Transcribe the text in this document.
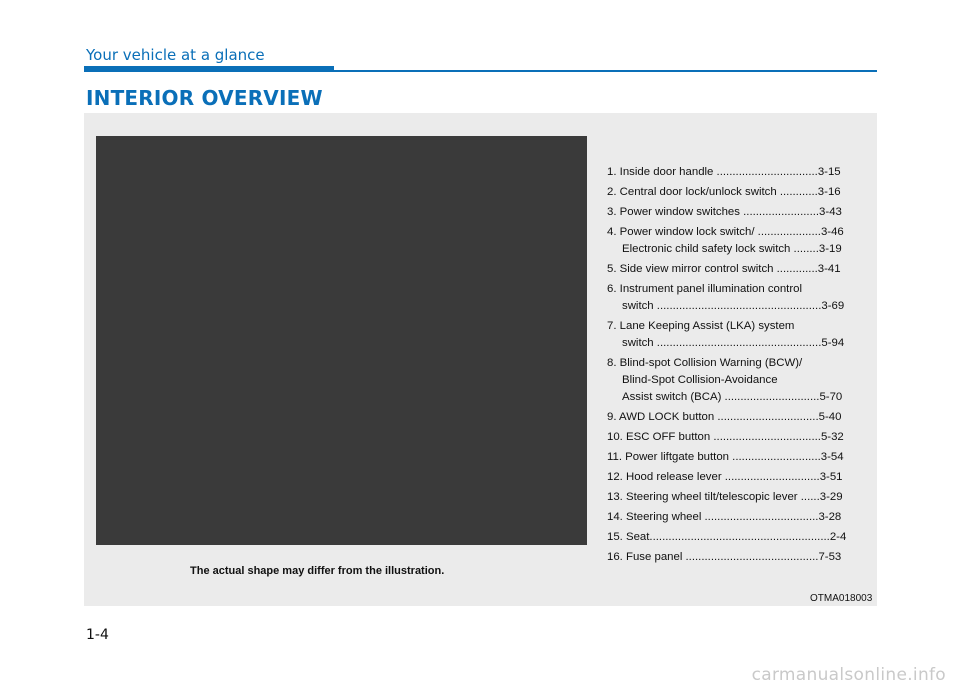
Your vehicle at a glance
INTERIOR OVERVIEW
1. Inside door handle ................................3-15
2. Central door lock/unlock switch ............3-16
3. Power window switches ........................3-43
4. Power window lock switch/ ....................3-46
Electronic child safety lock switch ........3-19
5. Side view mirror control switch .............3-41
6. Instrument panel illumination control
switch ....................................................3-69
7. Lane Keeping Assist (LKA) system
switch ....................................................5-94
8. Blind-spot Collision Warning (BCW)/
Blind-Spot Collision-Avoidance
Assist switch (BCA) ..............................5-70
9. AWD LOCK button ................................5-40
10. ESC OFF button ..................................5-32
11. Power liftgate button ............................3-54
12. Hood release lever ..............................3-51
13. Steering wheel tilt/telescopic lever ......3-29
14. Steering wheel ....................................3-28
15. Seat.........................................................2-4
16. Fuse panel ..........................................7-53
The actual shape may differ from the illustration.
OTMA018003
1-4
carmanualsonline.info
